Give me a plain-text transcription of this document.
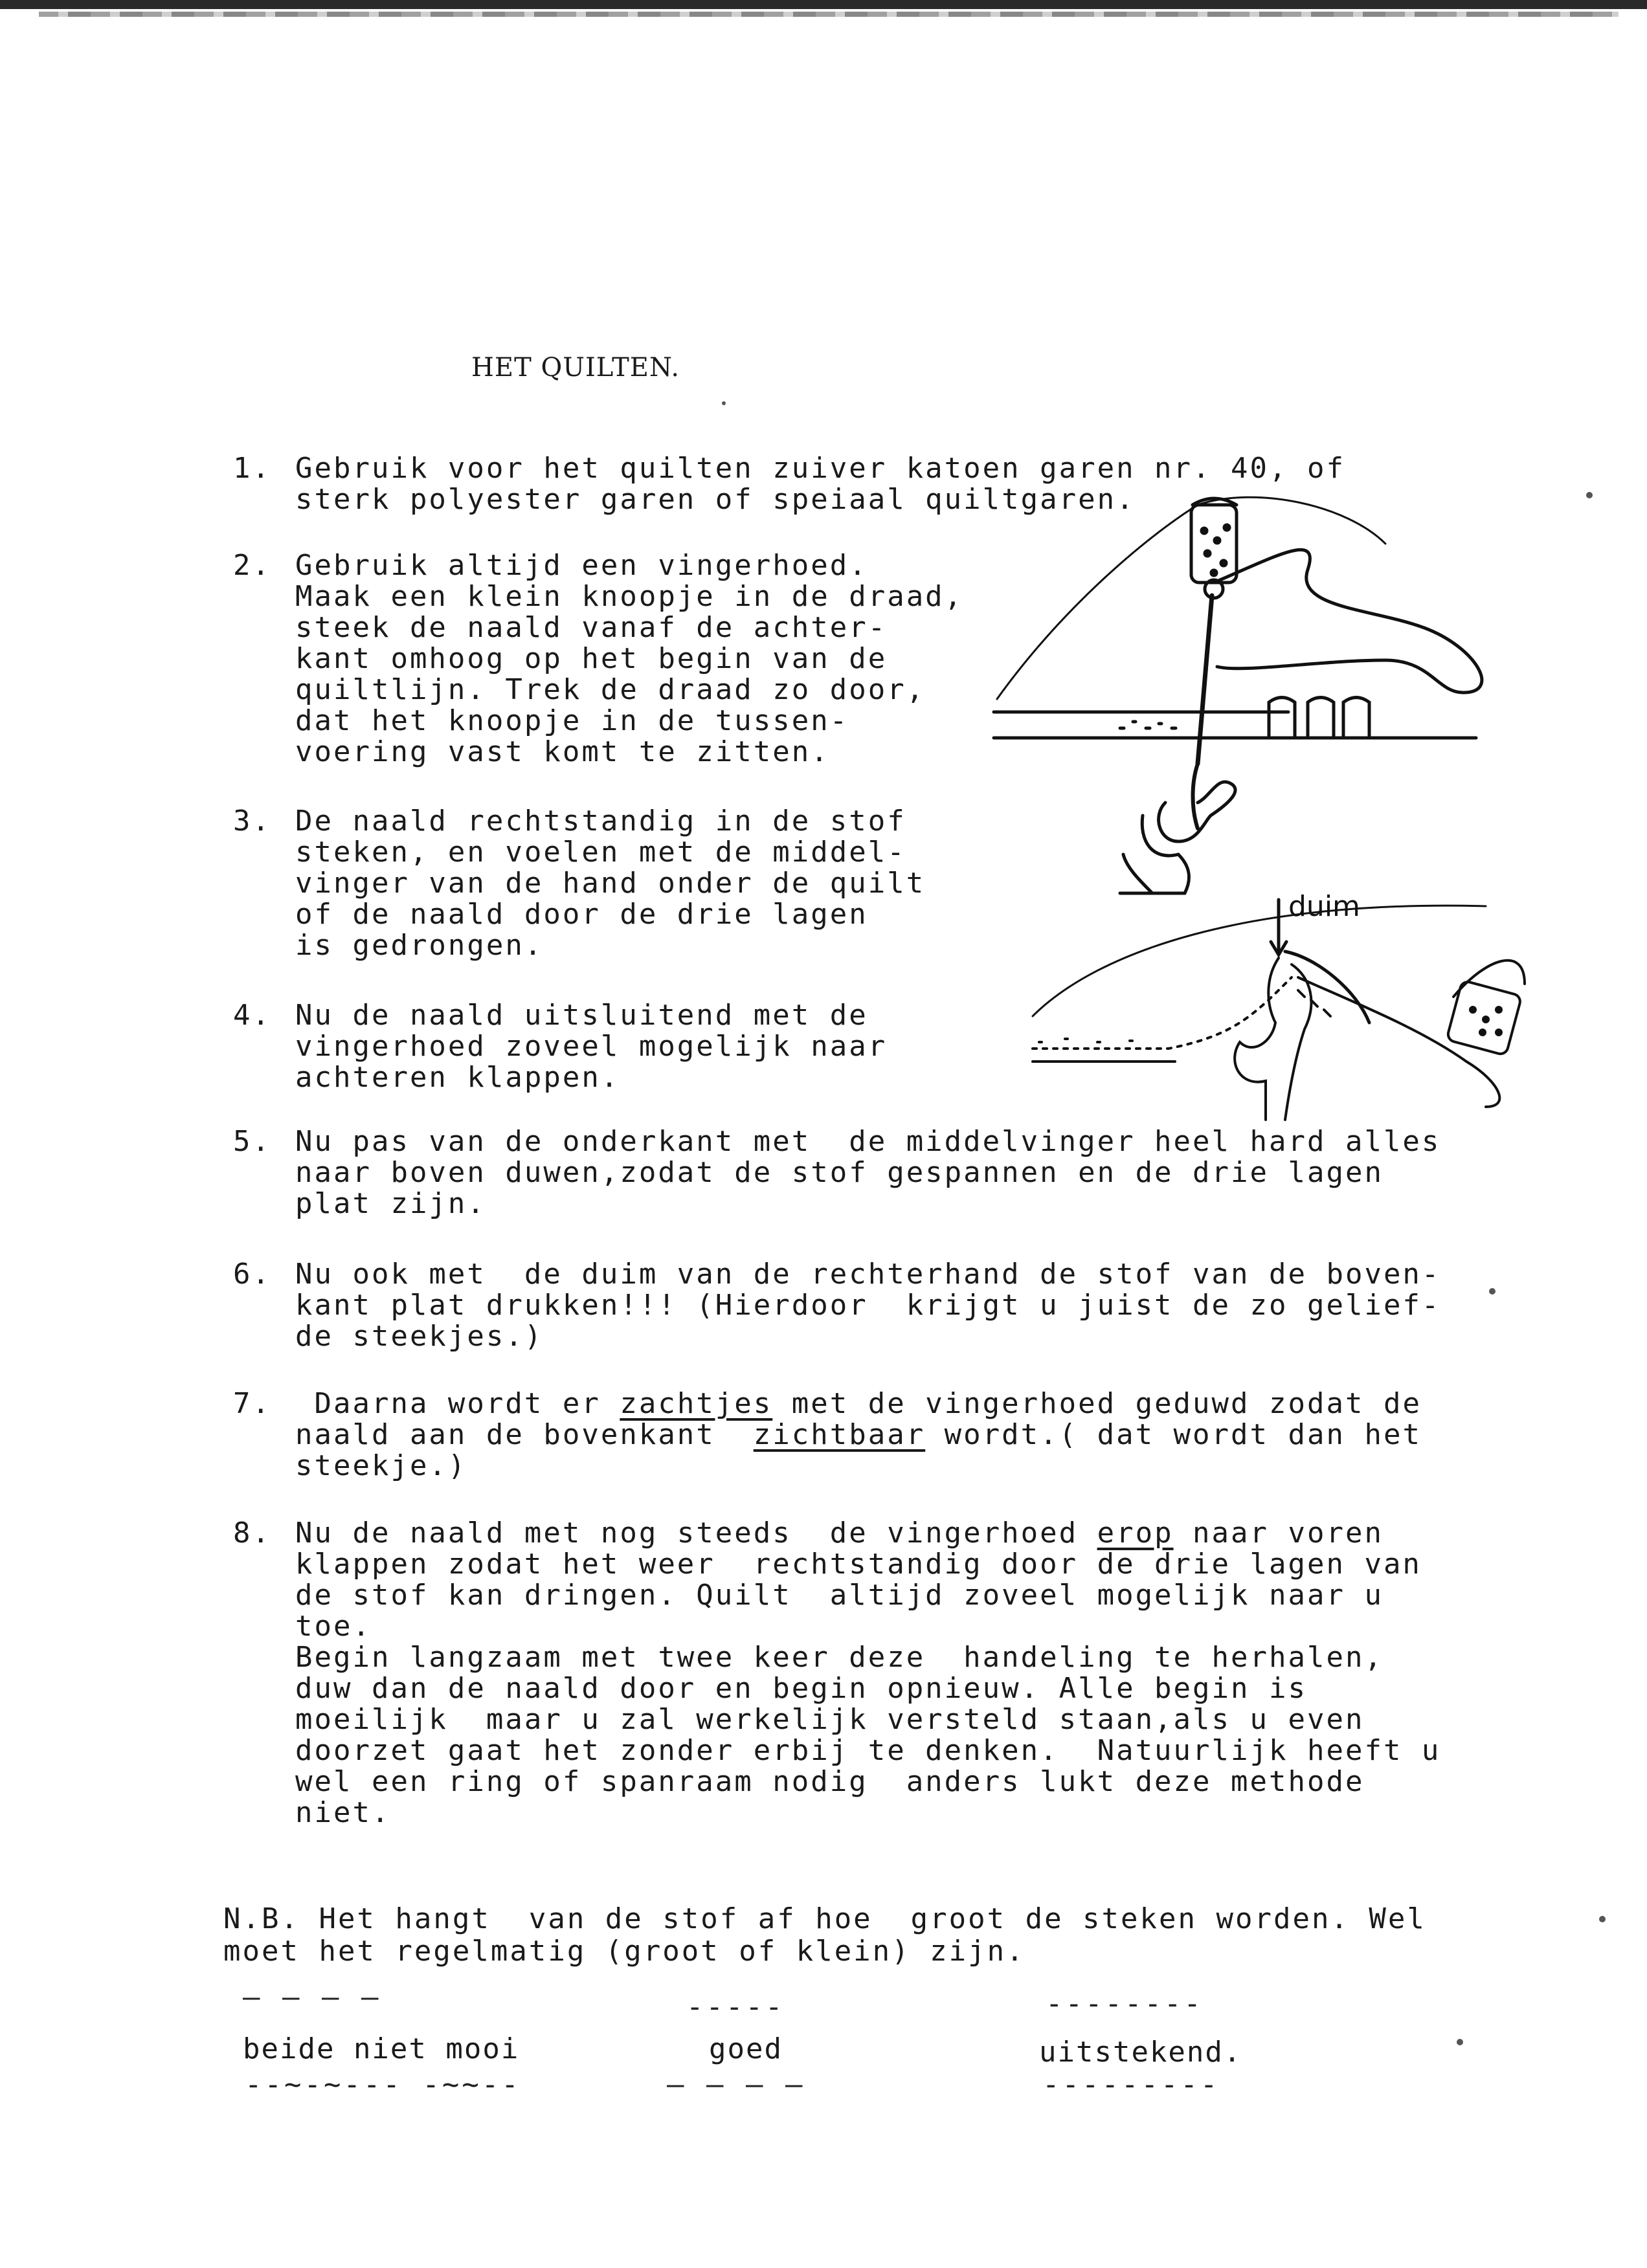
HET QUILTEN.
1. Gebruik voor het quilten zuiver katoen garen nr. 40, of
sterk polyester garen of speiaal quiltgaren.
2. Gebruik altijd een vingerhoed.
Maak een klein knoopje in de draad,
steek de naald vanaf de achter-
kant omhoog op het begin van de
quiltlijn. Trek de draad zo door,
dat het knoopje in de tussen-
voering vast komt te zitten.
3. De naald rechtstandig in de stof
steken, en voelen met de middel-
vinger van de hand onder de quilt
of de naald door de drie lagen
is gedrongen.
4. Nu de naald uitsluitend met de
vingerhoed zoveel mogelijk naar
achteren klappen.
5. Nu pas van de onderkant met  de middelvinger heel hard alles
naar boven duwen,zodat de stof gespannen en de drie lagen
plat zijn.
6. Nu ook met  de duim van de rechterhand de stof van de boven-
kant plat drukken!!! (Hierdoor  krijgt u juist de zo gelief-
de steekjes.)
7. Daarna wordt er zachtjes met de vingerhoed geduwd zodat de
naald aan de bovenkant  zichtbaar wordt.( dat wordt dan het
steekje.)
8. Nu de naald met nog steeds  de vingerhoed erop naar voren
klappen zodat het weer  rechtstandig door de drie lagen van
de stof kan dringen. Quilt  altijd zoveel mogelijk naar u
toe.
Begin langzaam met twee keer deze  handeling te herhalen,
duw dan de naald door en begin opnieuw. Alle begin is
moeilijk  maar u zal werkelijk versteld staan,als u even
doorzet gaat het zonder erbij te denken.  Natuurlijk heeft u
wel een ring of spanraam nodig  anders lukt deze methode
niet.
duim
N.B. Het hangt  van de stof af hoe  groot de steken worden. Wel
moet het regelmatig (groot of klein) zijn.
— — — —
beide niet mooi
--~-~--- -~~--
-----
goed
— — — —
--------
uitstekend.
---------
